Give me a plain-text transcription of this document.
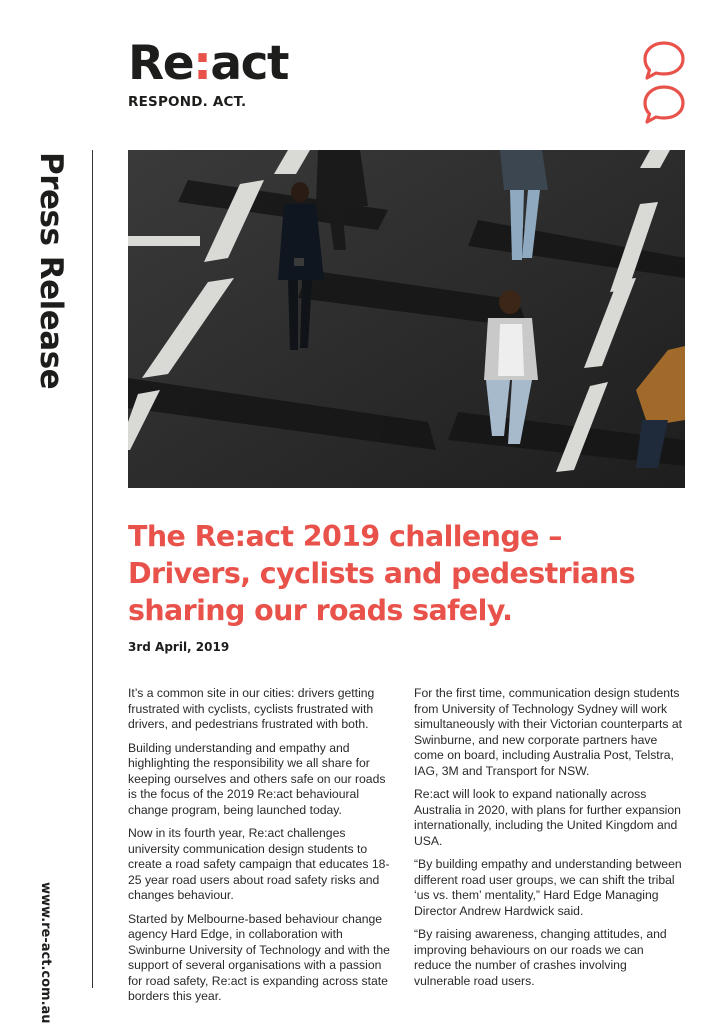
Re:act
RESPOND. ACT.
Press Release
www.re-act.com.au
The Re:act 2019 challenge –
Drivers, cyclists and pedestrians
sharing our roads safely.
3rd April, 2019

It’s a common site in our cities: drivers getting frustrated with cyclists, cyclists frustrated with drivers, and pedestrians frustrated with both.

Building understanding and empathy and highlighting the responsibility we all share for keeping ourselves and others safe on our roads is the focus of the 2019 Re:act behavioural change program, being launched today.

Now in its fourth year, Re:act challenges university communication design students to create a road safety campaign that educates 18-25 year road users about road safety risks and changes behaviour.

Started by Melbourne-based behaviour change agency Hard Edge, in collaboration with Swinburne University of Technology and with the support of several organisations with a passion for road safety, Re:act is expanding across state borders this year.

For the first time, communication design students from University of Technology Sydney will work simultaneously with their Victorian counterparts at Swinburne, and new corporate partners have come on board, including Australia Post, Telstra, IAG, 3M and Transport for NSW.

Re:act will look to expand nationally across Australia in 2020, with plans for further expansion internationally, including the United Kingdom and USA.

“By building empathy and understanding between different road user groups, we can shift the tribal ‘us vs. them’ mentality,” Hard Edge Managing Director Andrew Hardwick said.

“By raising awareness, changing attitudes, and improving behaviours on our roads we can reduce the number of crashes involving vulnerable road users.
